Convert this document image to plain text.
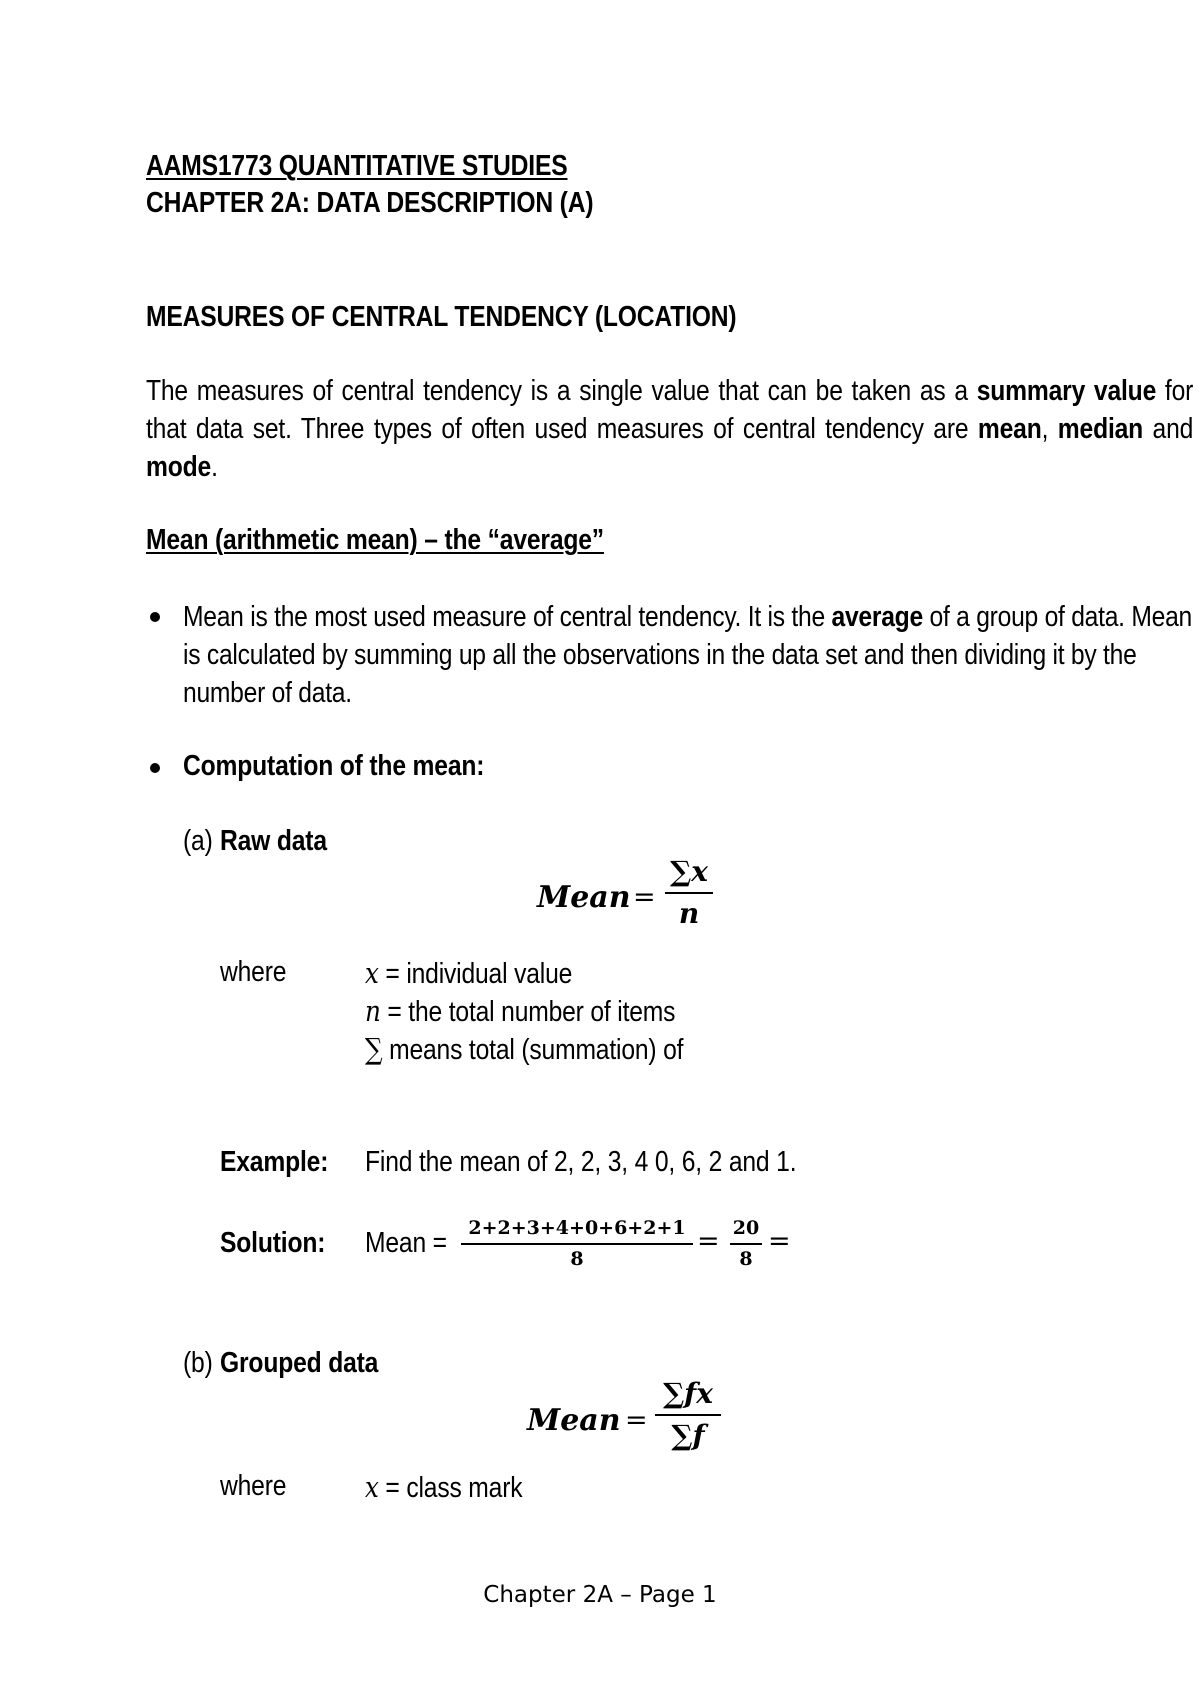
AAMS1773 QUANTITATIVE STUDIES
CHAPTER 2A: DATA DESCRIPTION (A)
MEASURES OF CENTRAL TENDENCY (LOCATION)
The measures of central tendency is a single value that can be taken as a summary value for that data set. Three types of often used measures of central tendency are mean, median and mode.
Mean (arithmetic mean) – the “average”
Mean is the most used measure of central tendency. It is the average of a group of data. Mean is calculated by summing up all the observations in the data set and then dividing it by the number of data.
Computation of the mean:
(a) Raw data
Mean =
∑x
n
where	x = individual value
n = the total number of items
∑ means total (summation) of
Example: Find the mean of 2, 2, 3, 4 0, 6, 2 and 1.
Solution: Mean = 2+2+3+4+0+6+2+1
8
= 20
8
=
(b) Grouped data
Mean =
∑fx
∑f
where	x = class mark
Chapter 2A – Page 1
